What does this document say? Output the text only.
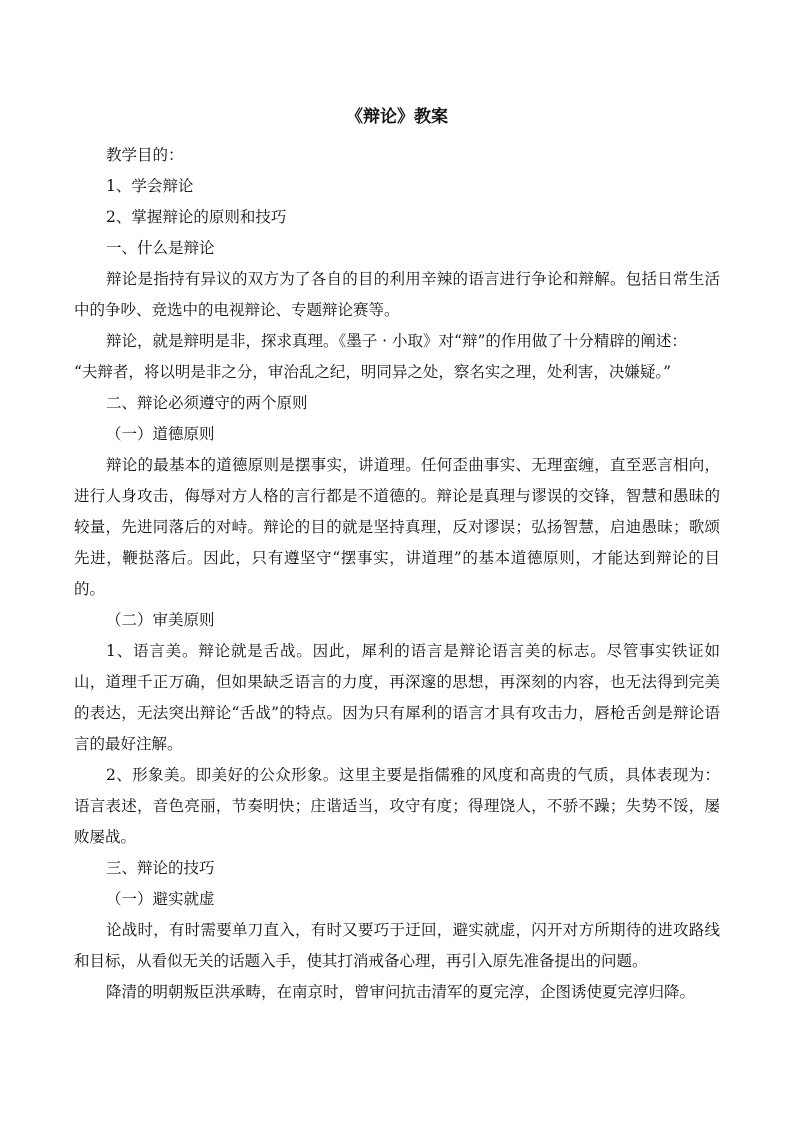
《辩论》教案

教学目的：

1、学会辩论

2、掌握辩论的原则和技巧

一、什么是辩论

辩论是指持有异议的双方为了各自的目的利用辛辣的语言进行争论和辩解。包括日常生活中的争吵、竞选中的电视辩论、专题辩论赛等。

辩论，就是辩明是非，探求真理。《墨子 · 小取》对“辩”的作用做了十分精辟的阐述：

“夫辩者，将以明是非之分，审治乱之纪，明同异之处，察名实之理，处利害，决嫌疑。”

二、辩论必须遵守的两个原则

（一）道德原则

辩论的最基本的道德原则是摆事实，讲道理。任何歪曲事实、无理蛮缠，直至恶言相向，进行人身攻击，侮辱对方人格的言行都是不道德的。辩论是真理与谬误的交锋，智慧和愚昧的较量，先进同落后的对峙。辩论的目的就是坚持真理，反对谬误；弘扬智慧，启迪愚昧；歌颂先进，鞭挞落后。因此，只有遵坚守“摆事实，讲道理”的基本道德原则，才能达到辩论的目的。

（二）审美原则

1、语言美。辩论就是舌战。因此，犀利的语言是辩论语言美的标志。尽管事实铁证如山，道理千正万确，但如果缺乏语言的力度，再深邃的思想，再深刻的内容，也无法得到完美的表达，无法突出辩论“舌战”的特点。因为只有犀利的语言才具有攻击力，唇枪舌剑是辩论语言的最好注解。

2、形象美。即美好的公众形象。这里主要是指儒雅的风度和高贵的气质，具体表现为：语言表述，音色亮丽，节奏明快；庄谐适当，攻守有度；得理饶人，不骄不躁；失势不馁，屡败屡战。

三、辩论的技巧

（一）避实就虚

论战时，有时需要单刀直入，有时又要巧于迂回，避实就虚，闪开对方所期待的进攻路线和目标，从看似无关的话题入手，使其打消戒备心理，再引入原先准备提出的问题。

降清的明朝叛臣洪承畴，在南京时，曾审问抗击清军的夏完淳，企图诱使夏完淳归降。
